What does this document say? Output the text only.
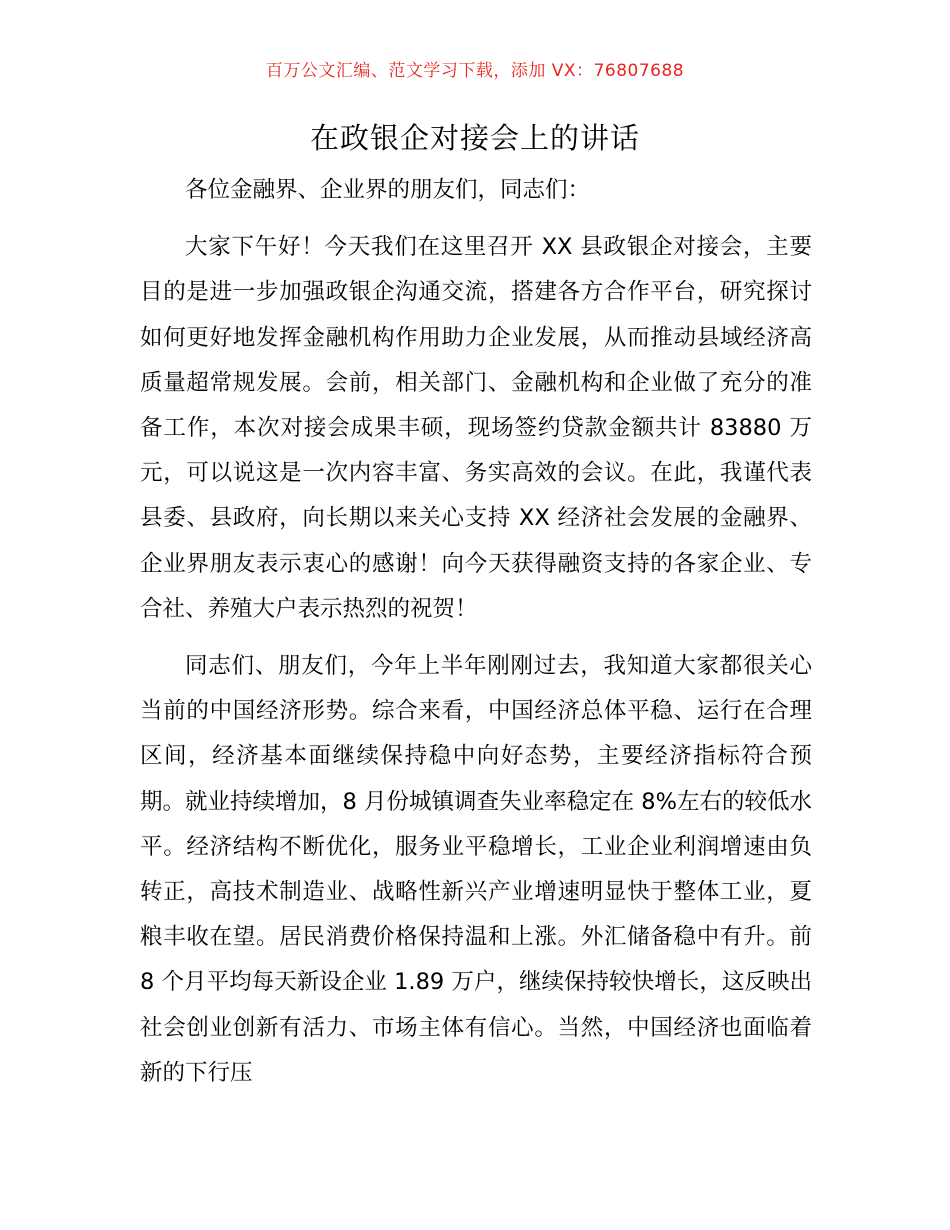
百万公文汇编、范文学习下载，添加 VX：76807688
在政银企对接会上的讲话

各位金融界、企业界的朋友们，同志们：

大家下午好！今天我们在这里召开 XX 县政银企对接会，主要目的是进一步加强政银企沟通交流，搭建各方合作平台，研究探讨如何更好地发挥金融机构作用助力企业发展，从而推动县域经济高质量超常规发展。会前，相关部门、金融机构和企业做了充分的准备工作，本次对接会成果丰硕，现场签约贷款金额共计 83880 万元，可以说这是一次内容丰富、务实高效的会议。在此，我谨代表县委、县政府，向长期以来关心支持 XX 经济社会发展的金融界、企业界朋友表示衷心的感谢！向今天获得融资支持的各家企业、专合社、养殖大户表示热烈的祝贺！

同志们、朋友们，今年上半年刚刚过去，我知道大家都很关心当前的中国经济形势。综合来看，中国经济总体平稳、运行在合理区间，经济基本面继续保持稳中向好态势，主要经济指标符合预期。就业持续增加，8 月份城镇调查失业率稳定在 8%左右的较低水平。经济结构不断优化，服务业平稳增长，工业企业利润增速由负转正，高技术制造业、战略性新兴产业增速明显快于整体工业，夏粮丰收在望。居民消费价格保持温和上涨。外汇储备稳中有升。前 8 个月平均每天新设企业 1.89 万户，继续保持较快增长，这反映出社会创业创新有活力、市场主体有信心。当然，中国经济也面临着新的下行压
